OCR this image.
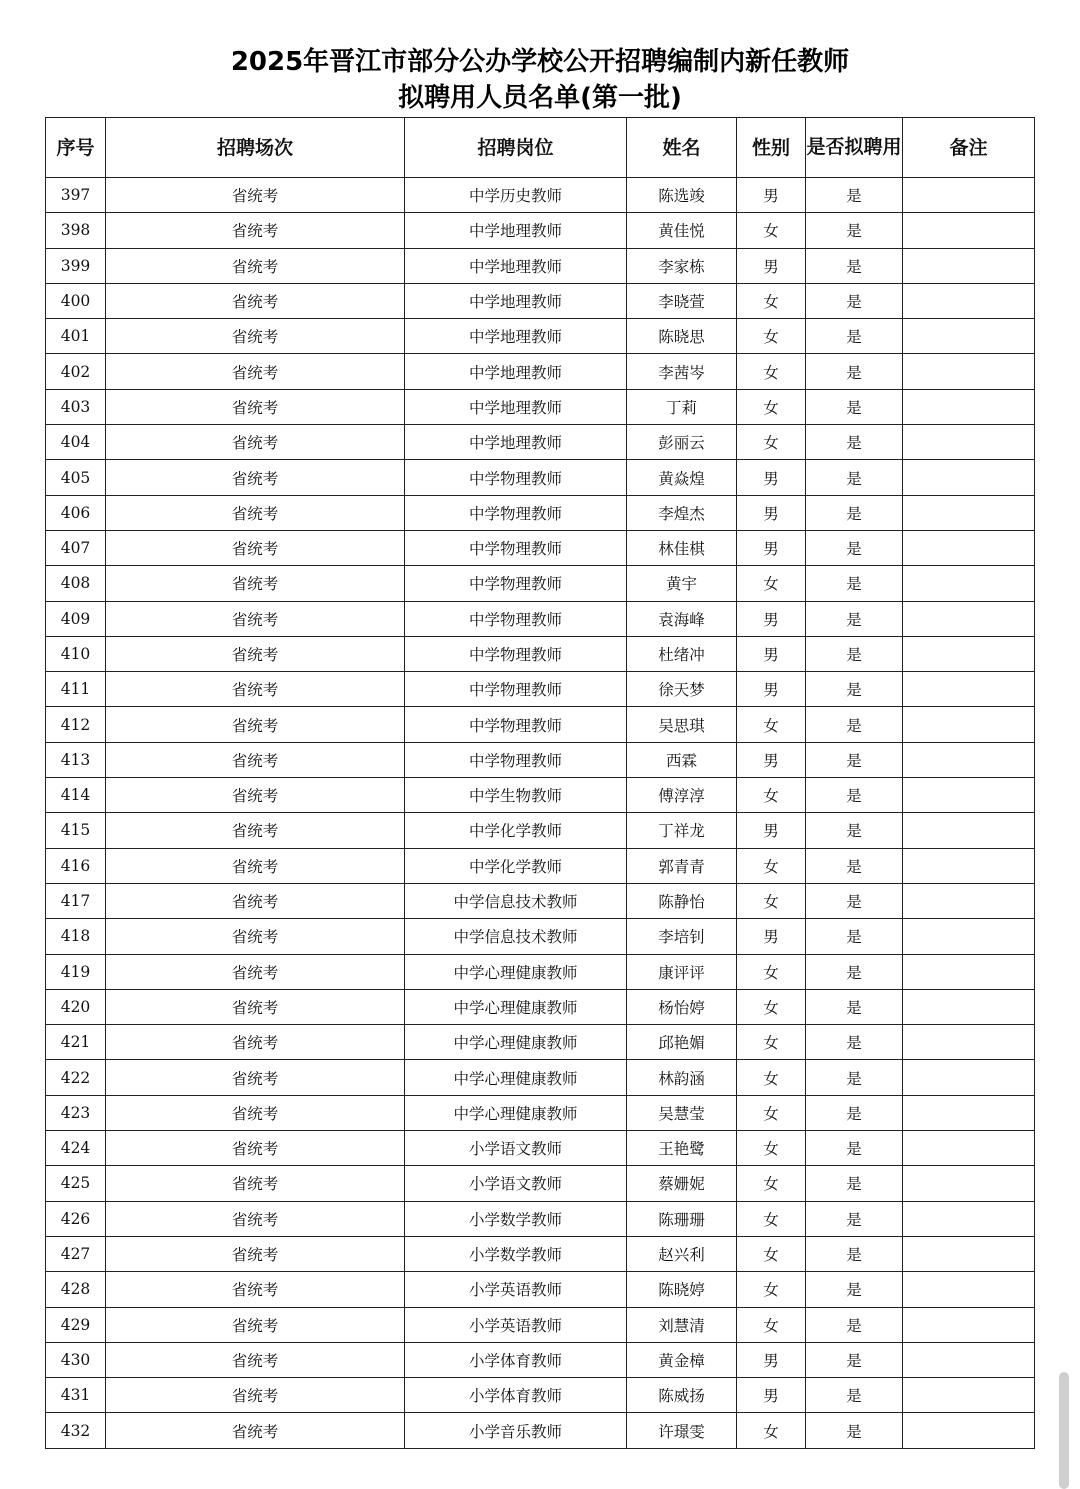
2025年晋江市部分公办学校公开招聘编制内新任教师
拟聘用人员名单(第一批)
序号	招聘场次	招聘岗位	姓名	性别	是否拟聘用	备注
397	省统考	中学历史教师	陈选竣	男	是	
398	省统考	中学地理教师	黄佳悦	女	是	
399	省统考	中学地理教师	李家栋	男	是	
400	省统考	中学地理教师	李晓萱	女	是	
401	省统考	中学地理教师	陈晓思	女	是	
402	省统考	中学地理教师	李茜岑	女	是	
403	省统考	中学地理教师	丁莉	女	是	
404	省统考	中学地理教师	彭丽云	女	是	
405	省统考	中学物理教师	黄焱煌	男	是	
406	省统考	中学物理教师	李煌杰	男	是	
407	省统考	中学物理教师	林佳棋	男	是	
408	省统考	中学物理教师	黄宇	女	是	
409	省统考	中学物理教师	袁海峰	男	是	
410	省统考	中学物理教师	杜绪冲	男	是	
411	省统考	中学物理教师	徐天梦	男	是	
412	省统考	中学物理教师	吴思琪	女	是	
413	省统考	中学物理教师	西霖	男	是	
414	省统考	中学生物教师	傅淳淳	女	是	
415	省统考	中学化学教师	丁祥龙	男	是	
416	省统考	中学化学教师	郭青青	女	是	
417	省统考	中学信息技术教师	陈静怡	女	是	
418	省统考	中学信息技术教师	李培钊	男	是	
419	省统考	中学心理健康教师	康评评	女	是	
420	省统考	中学心理健康教师	杨怡婷	女	是	
421	省统考	中学心理健康教师	邱艳媚	女	是	
422	省统考	中学心理健康教师	林韵涵	女	是	
423	省统考	中学心理健康教师	吴慧莹	女	是	
424	省统考	小学语文教师	王艳鹭	女	是	
425	省统考	小学语文教师	蔡姗妮	女	是	
426	省统考	小学数学教师	陈珊珊	女	是	
427	省统考	小学数学教师	赵兴利	女	是	
428	省统考	小学英语教师	陈晓婷	女	是	
429	省统考	小学英语教师	刘慧清	女	是	
430	省统考	小学体育教师	黄金樟	男	是	
431	省统考	小学体育教师	陈威扬	男	是	
432	省统考	小学音乐教师	许璟雯	女	是	
